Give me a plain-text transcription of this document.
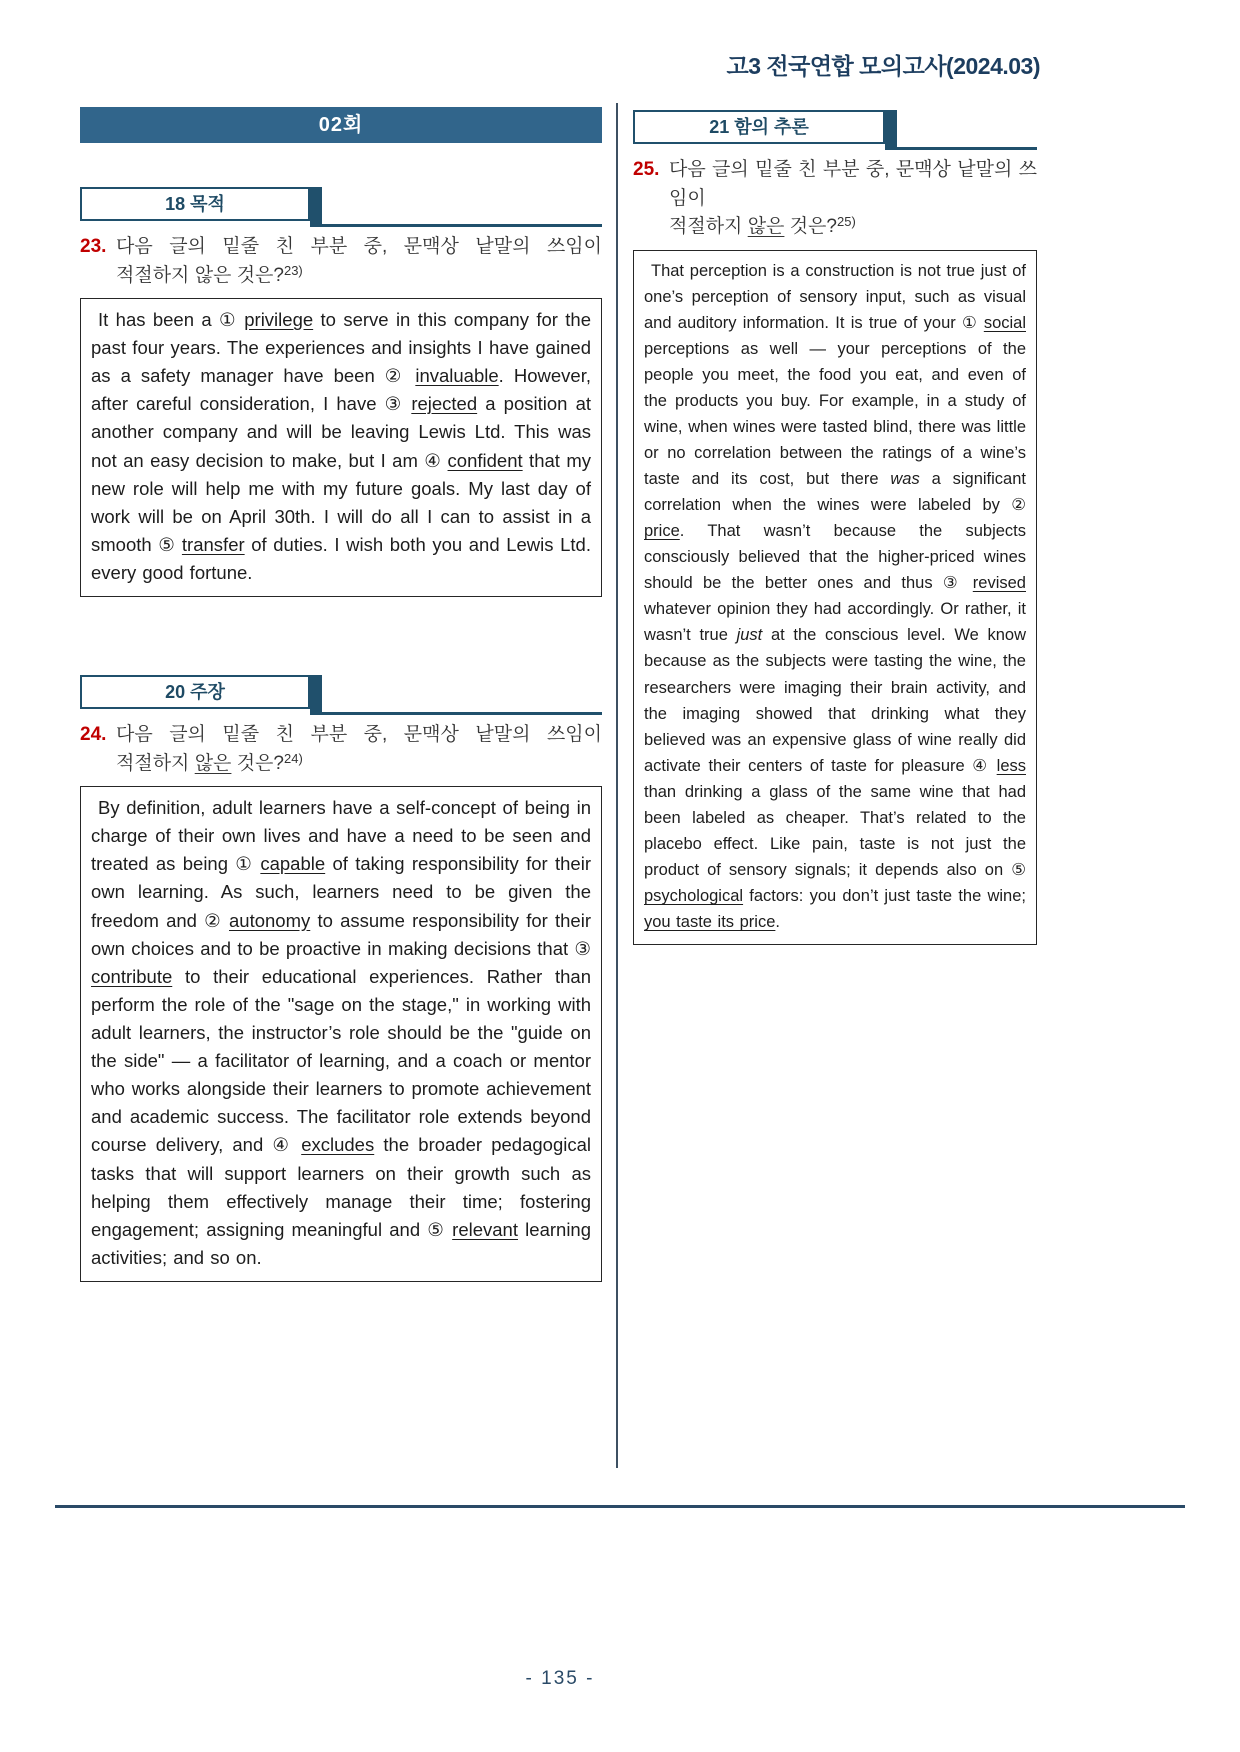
고3 전국연합 모의고사(2024.03)
02회
18 목적
23. 다음 글의 밑줄 친 부분 중, 문맥상 낱말의 쓰임이
적절하지 않은 것은?$^{23)}$
It has been a ① privilege to serve in this company for the past four years. The experiences and insights I have gained as a safety manager have been ② invaluable. However, after careful consideration, I have ③ rejected a position at another company and will be leaving Lewis Ltd. This was not an easy decision to make, but I am ④ confident that my new role will help me with my future goals. My last day of work will be on April 30th. I will do all I can to assist in a smooth ⑤ transfer of duties. I wish both you and Lewis Ltd. every good fortune.
20 주장
24. 다음 글의 밑줄 친 부분 중, 문맥상 낱말의 쓰임이
적절하지 않은 것은?$^{24)}$
By definition, adult learners have a self-concept of being in charge of their own lives and have a need to be seen and treated as being ① capable of taking responsibility for their own learning. As such, learners need to be given the freedom and ② autonomy to assume responsibility for their own choices and to be proactive in making decisions that ③ contribute to their educational experiences. Rather than perform the role of the "sage on the stage," in working with adult learners, the instructor’s role should be the "guide on the side" — a facilitator of learning, and a coach or mentor who works alongside their learners to promote achievement and academic success. The facilitator role extends beyond course delivery, and ④ excludes the broader pedagogical tasks that will support learners on their growth such as helping them effectively manage their time; fostering engagement; assigning meaningful and ⑤ relevant learning activities; and so on.
21 함의 추론
25. 다음 글의 밑줄 친 부분 중, 문맥상 낱말의 쓰임이
적절하지 않은 것은?$^{25)}$
That perception is a construction is not true just of one’s perception of sensory input, such as visual and auditory information. It is true of your ① social perceptions as well — your perceptions of the people you meet, the food you eat, and even of the products you buy. For example, in a study of wine, when wines were tasted blind, there was little or no correlation between the ratings of a wine’s taste and its cost, but there was a significant correlation when the wines were labeled by ② price. That wasn’t because the subjects consciously believed that the higher-priced wines should be the better ones and thus ③ revised whatever opinion they had accordingly. Or rather, it wasn’t true just at the conscious level. We know because as the subjects were tasting the wine, the researchers were imaging their brain activity, and the imaging showed that drinking what they believed was an expensive glass of wine really did activate their centers of taste for pleasure ④ less than drinking a glass of the same wine that had been labeled as cheaper. That’s related to the placebo effect. Like pain, taste is not just the product of sensory signals; it depends also on ⑤ psychological factors: you don’t just taste the wine; you taste its price.
- 135 -
